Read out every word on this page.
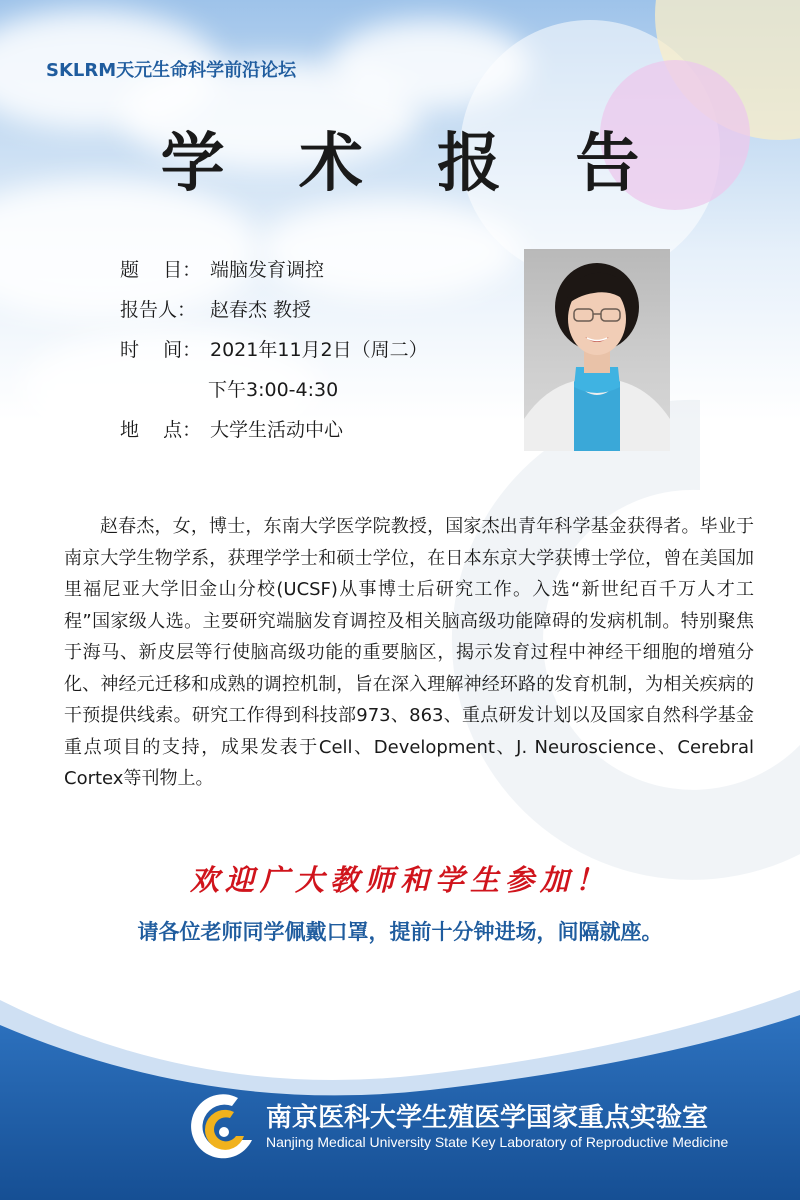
SKLRM天元生命科学前沿论坛
学 术 报 告
题    目： 端脑发育调控
报告人： 赵春杰 教授
时    间： 2021年11月2日（周二）
下午3:00-4:30
地    点： 大学生活动中心

赵春杰，女，博士，东南大学医学院教授，国家杰出青年科学基金获得者。毕业于南京大学生物学系，获理学学士和硕士学位，在日本东京大学获博士学位，曾在美国加里福尼亚大学旧金山分校(UCSF)从事博士后研究工作。入选“新世纪百千万人才工程”国家级人选。主要研究端脑发育调控及相关脑高级功能障碍的发病机制。特别聚焦于海马、新皮层等行使脑高级功能的重要脑区，揭示发育过程中神经干细胞的增殖分化、神经元迁移和成熟的调控机制，旨在深入理解神经环路的发育机制，为相关疾病的干预提供线索。研究工作得到科技部973、863、重点研发计划以及国家自然科学基金重点项目的支持，成果发表于Cell、Development、J. Neuroscience、Cerebral Cortex等刊物上。

欢迎广大教师和学生参加！
请各位老师同学佩戴口罩，提前十分钟进场，间隔就座。
南京医科大学生殖医学国家重点实验室
Nanjing Medical University State Key Laboratory of Reproductive Medicine
